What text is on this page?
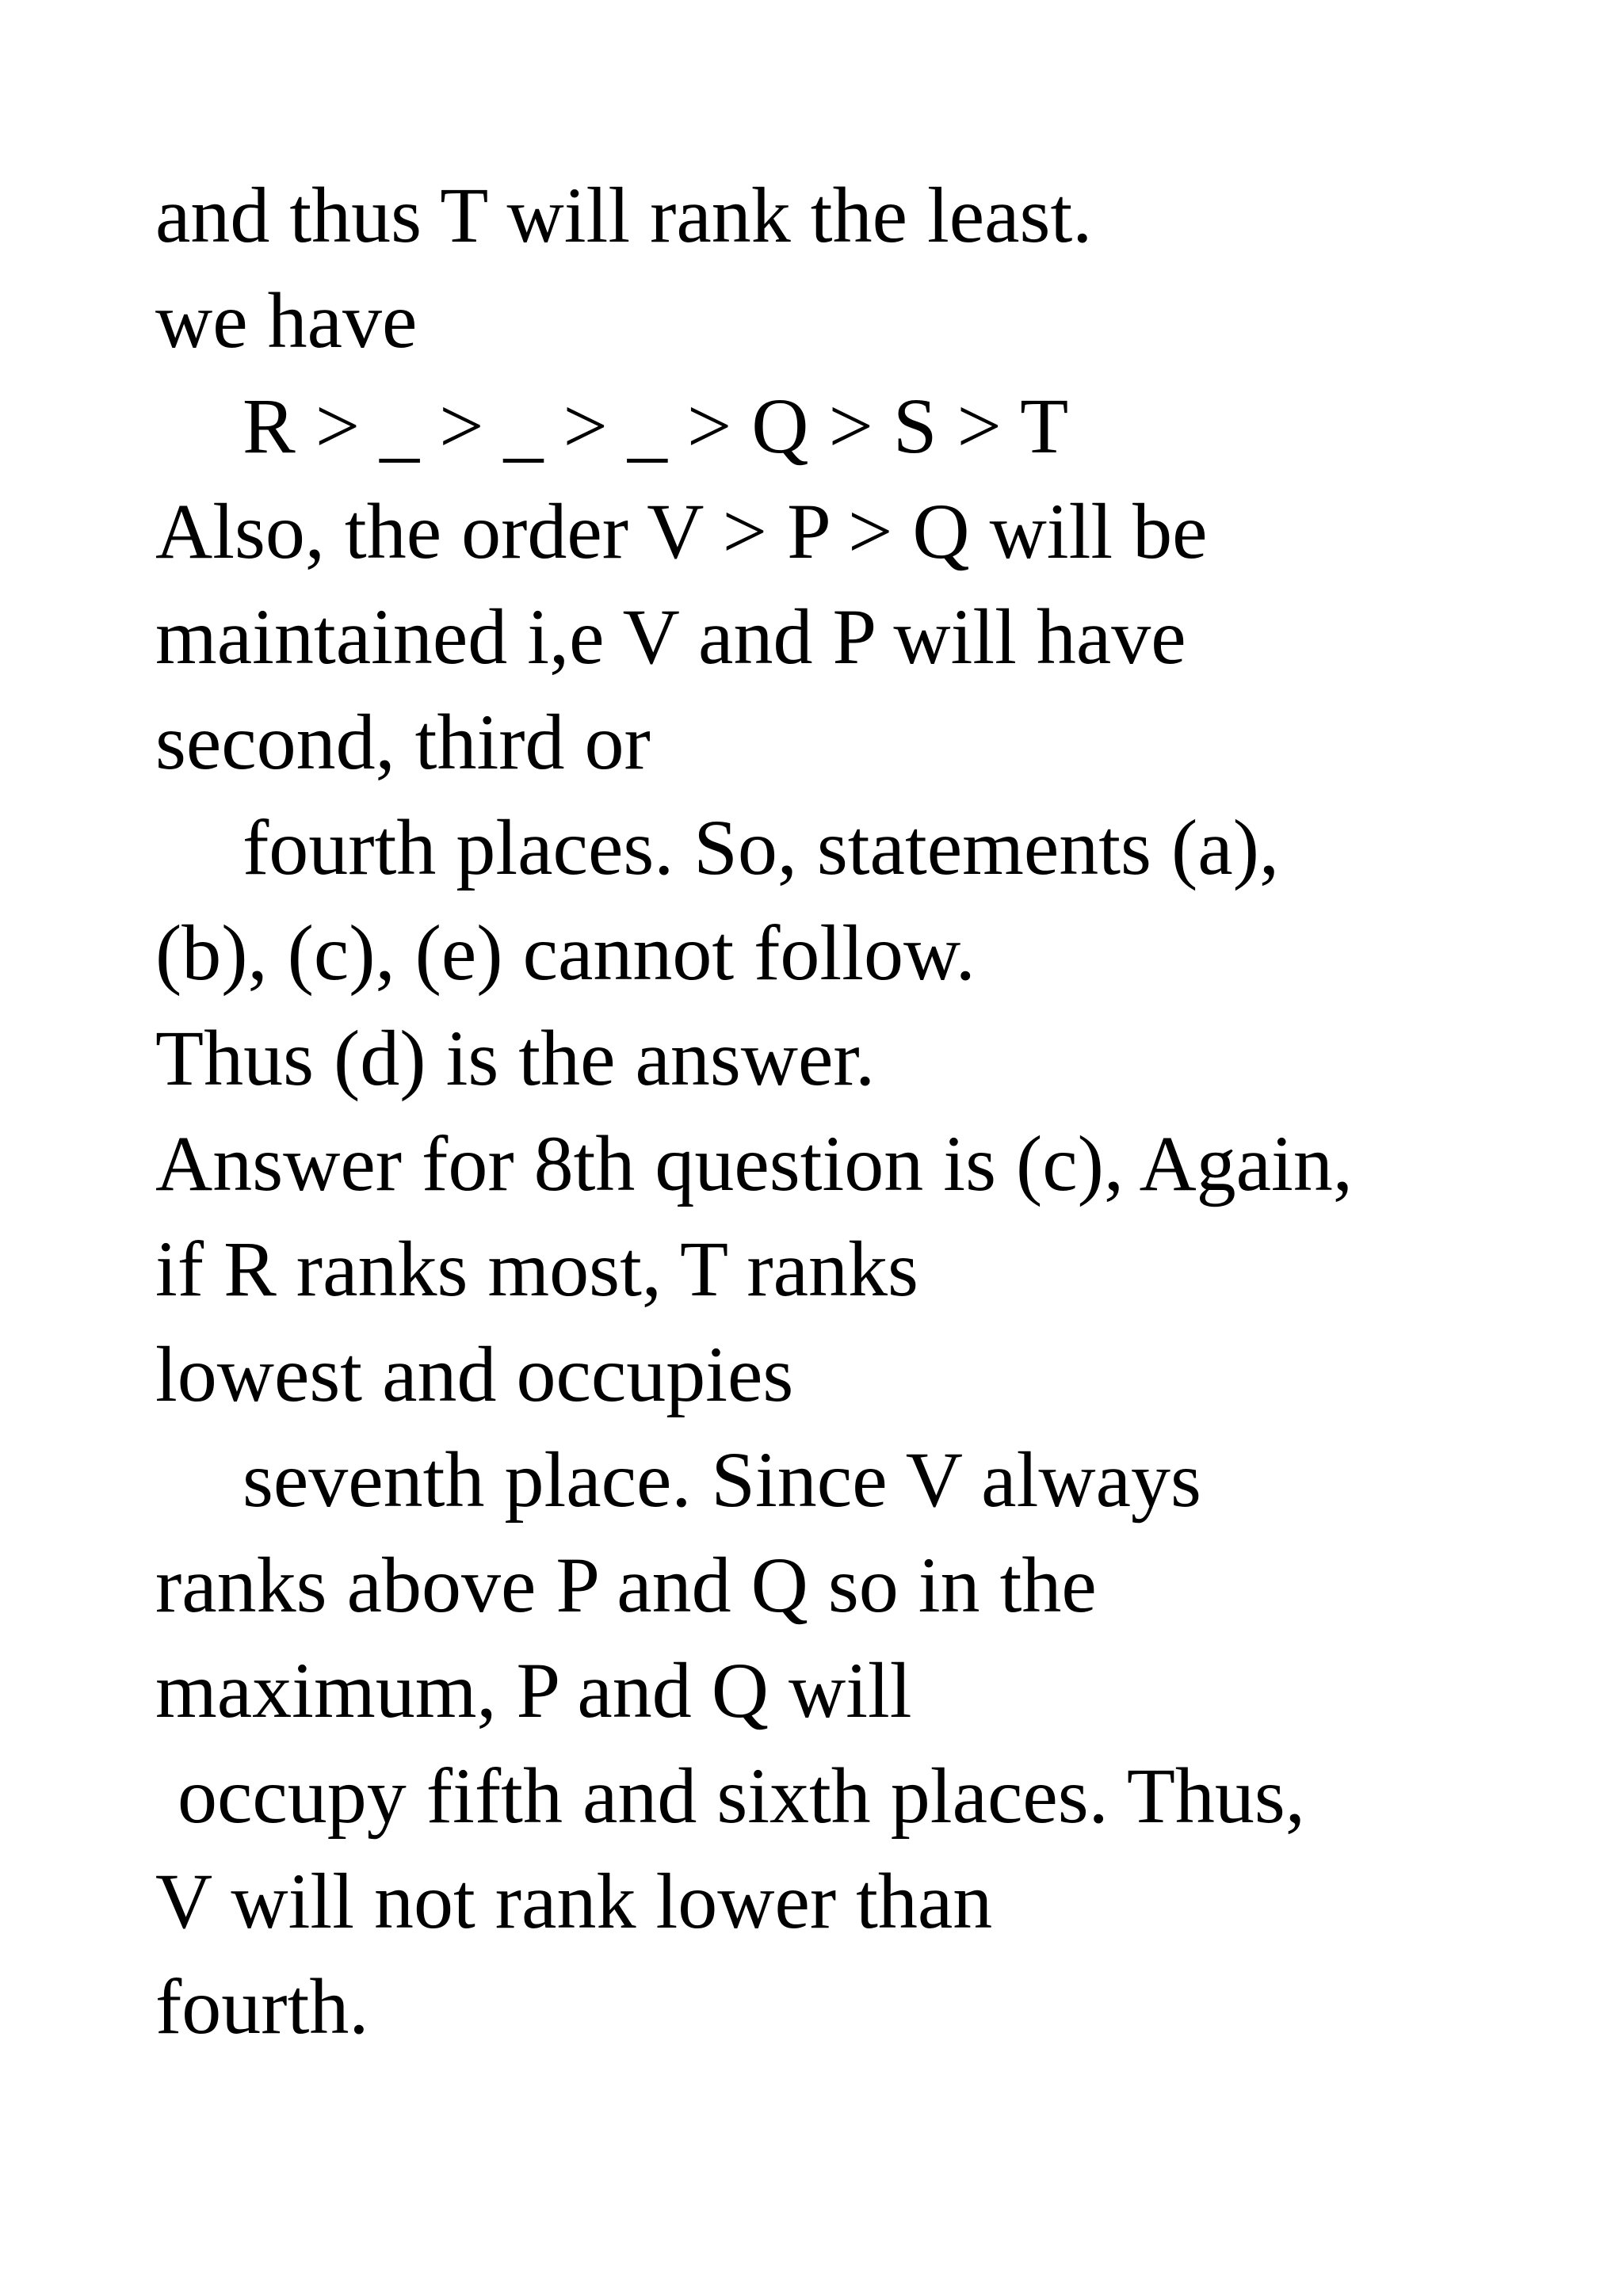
and thus T will rank the least.
we have
R > _ > _ > _ > Q > S > T
Also, the order V > P > Q will be
maintained i,e V and P will have
second, third or
fourth places. So, statements (a),
(b), (c), (e) cannot follow.
Thus (d) is the answer.
Answer for 8th question is (c), Again,
if R ranks most, T ranks
lowest and occupies
seventh place. Since V always
ranks above P and Q so in the
maximum, P and Q will
occupy fifth and sixth places. Thus,
V will not rank lower than
fourth.
